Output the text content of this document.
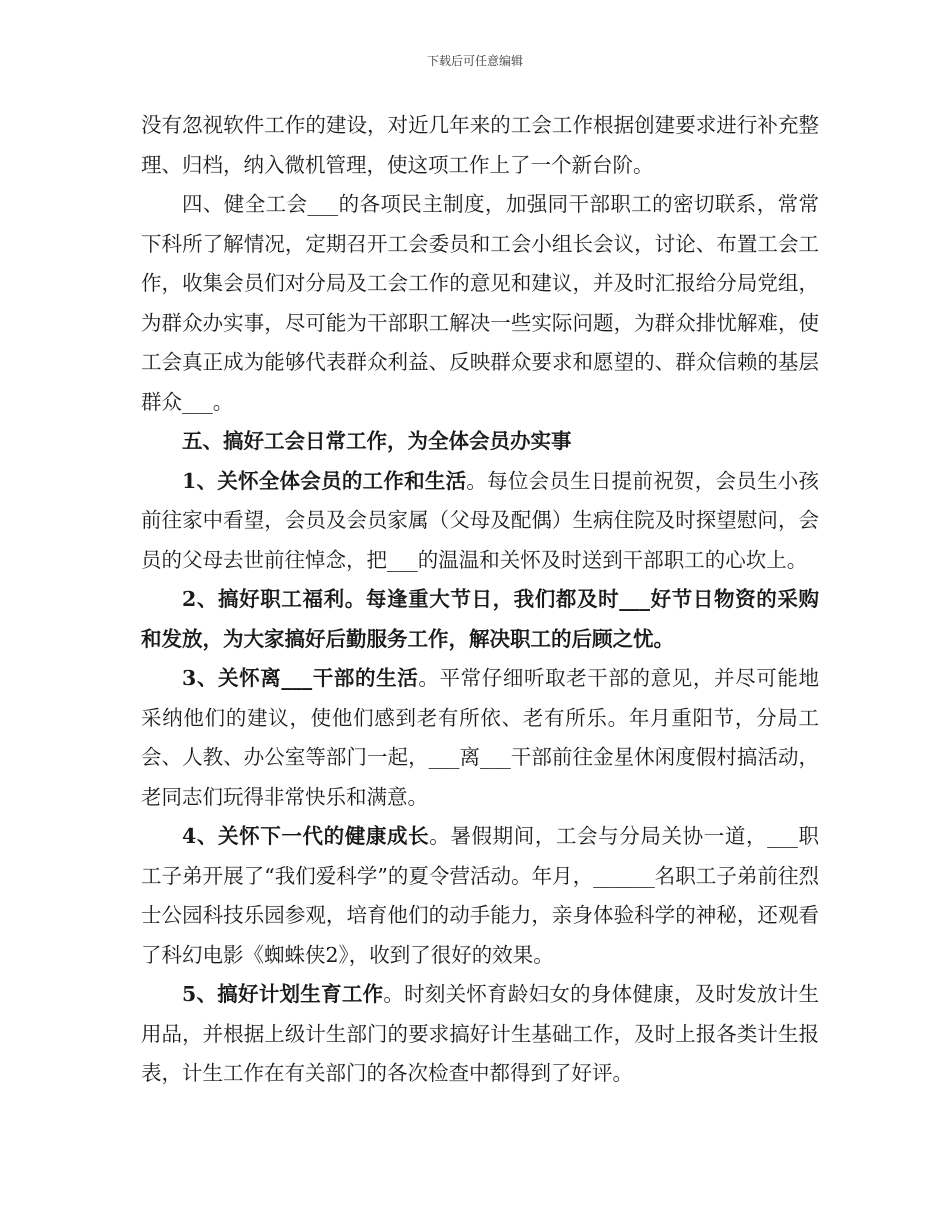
下载后可任意编辑

没有忽视软件工作的建设，对近几年来的工会工作根据创建要求进行补充整理、归档，纳入微机管理，使这项工作上了一个新台阶。

四、健全工会___的各项民主制度，加强同干部职工的密切联系，常常下科所了解情况，定期召开工会委员和工会小组长会议，讨论、布置工会工作，收集会员们对分局及工会工作的意见和建议，并及时汇报给分局党组，为群众办实事，尽可能为干部职工解决一些实际问题，为群众排忧解难，使工会真正成为能够代表群众利益、反映群众要求和愿望的、群众信赖的基层群众___。

五、搞好工会日常工作，为全体会员办实事

1、关怀全体会员的工作和生活。每位会员生日提前祝贺，会员生小孩前往家中看望，会员及会员家属（父母及配偶）生病住院及时探望慰问，会员的父母去世前往悼念，把___的温温和关怀及时送到干部职工的心坎上。

2、搞好职工福利。每逢重大节日，我们都及时___好节日物资的采购和发放，为大家搞好后勤服务工作，解决职工的后顾之忧。

3、关怀离___干部的生活。平常仔细听取老干部的意见，并尽可能地采纳他们的建议，使他们感到老有所依、老有所乐。年月重阳节，分局工会、人教、办公室等部门一起，___离___干部前往金星休闲度假村搞活动，老同志们玩得非常快乐和满意。

4、关怀下一代的健康成长。暑假期间，工会与分局关协一道，___职工子弟开展了“我们爱科学”的夏令营活动。年月，______名职工子弟前往烈士公园科技乐园参观，培育他们的动手能力，亲身体验科学的神秘，还观看了科幻电影《蜘蛛侠2》，收到了很好的效果。

5、搞好计划生育工作。时刻关怀育龄妇女的身体健康，及时发放计生用品，并根据上级计生部门的要求搞好计生基础工作，及时上报各类计生报表，计生工作在有关部门的各次检查中都得到了好评。
